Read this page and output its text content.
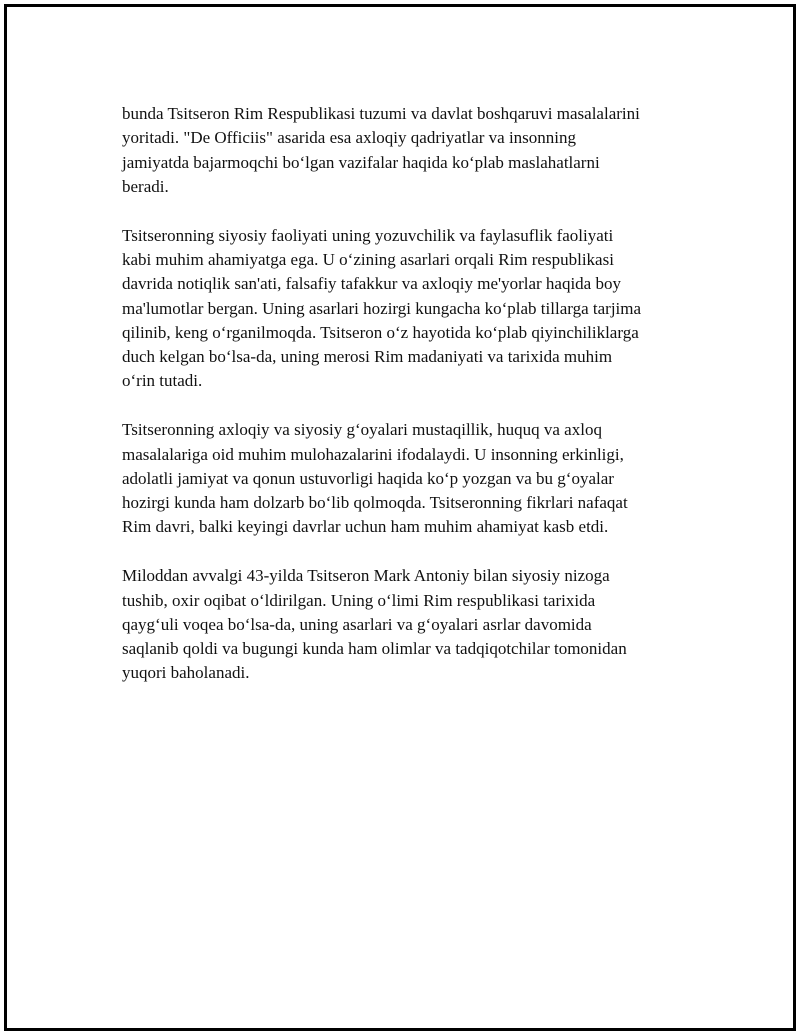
bunda Tsitseron Rim Respublikasi tuzumi va davlat boshqaruvi masalalarini
yoritadi. "De Officiis" asarida esa axloqiy qadriyatlar va insonning
jamiyatda bajarmoqchi bo‘lgan vazifalar haqida ko‘plab maslahatlarni
beradi.

Tsitseronning siyosiy faoliyati uning yozuvchilik va faylasuflik faoliyati
kabi muhim ahamiyatga ega. U o‘zining asarlari orqali Rim respublikasi
davrida notiqlik san'ati, falsafiy tafakkur va axloqiy me'yorlar haqida boy
ma'lumotlar bergan. Uning asarlari hozirgi kungacha ko‘plab tillarga tarjima
qilinib, keng o‘rganilmoqda. Tsitseron o‘z hayotida ko‘plab qiyinchiliklarga
duch kelgan bo‘lsa-da, uning merosi Rim madaniyati va tarixida muhim
o‘rin tutadi.

Tsitseronning axloqiy va siyosiy g‘oyalari mustaqillik, huquq va axloq
masalalariga oid muhim mulohazalarini ifodalaydi. U insonning erkinligi,
adolatli jamiyat va qonun ustuvorligi haqida ko‘p yozgan va bu g‘oyalar
hozirgi kunda ham dolzarb bo‘lib qolmoqda. Tsitseronning fikrlari nafaqat
Rim davri, balki keyingi davrlar uchun ham muhim ahamiyat kasb etdi.

Miloddan avvalgi 43-yilda Tsitseron Mark Antoniy bilan siyosiy nizoga
tushib, oxir oqibat o‘ldirilgan. Uning o‘limi Rim respublikasi tarixida
qayg‘uli voqea bo‘lsa-da, uning asarlari va g‘oyalari asrlar davomida
saqlanib qoldi va bugungi kunda ham olimlar va tadqiqotchilar tomonidan
yuqori baholanadi.
